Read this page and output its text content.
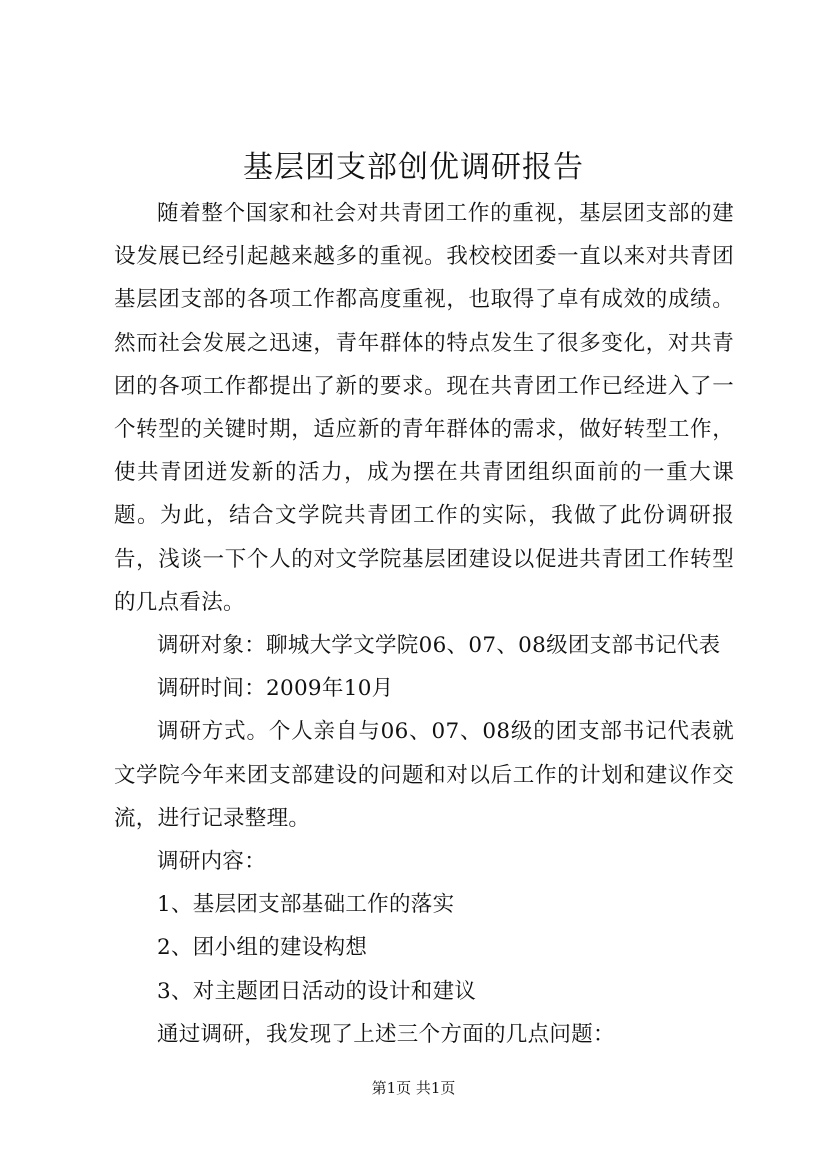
基层团支部创优调研报告

随着整个国家和社会对共青团工作的重视，基层团支部的建设发展已经引起越来越多的重视。我校校团委一直以来对共青团基层团支部的各项工作都高度重视，也取得了卓有成效的成绩。然而社会发展之迅速，青年群体的特点发生了很多变化，对共青团的各项工作都提出了新的要求。现在共青团工作已经进入了一个转型的关键时期，适应新的青年群体的需求，做好转型工作，使共青团迸发新的活力，成为摆在共青团组织面前的一重大课题。为此，结合文学院共青团工作的实际，我做了此份调研报告，浅谈一下个人的对文学院基层团建设以促进共青团工作转型的几点看法。

调研对象：聊城大学文学院06、07、08级团支部书记代表

调研时间：2009年10月

调研方式。个人亲自与06、07、08级的团支部书记代表就文学院今年来团支部建设的问题和对以后工作的计划和建议作交流，进行记录整理。

调研内容：

1、基层团支部基础工作的落实

2、团小组的建设构想

3、对主题团日活动的设计和建议

通过调研，我发现了上述三个方面的几点问题：

第1页 共1页
